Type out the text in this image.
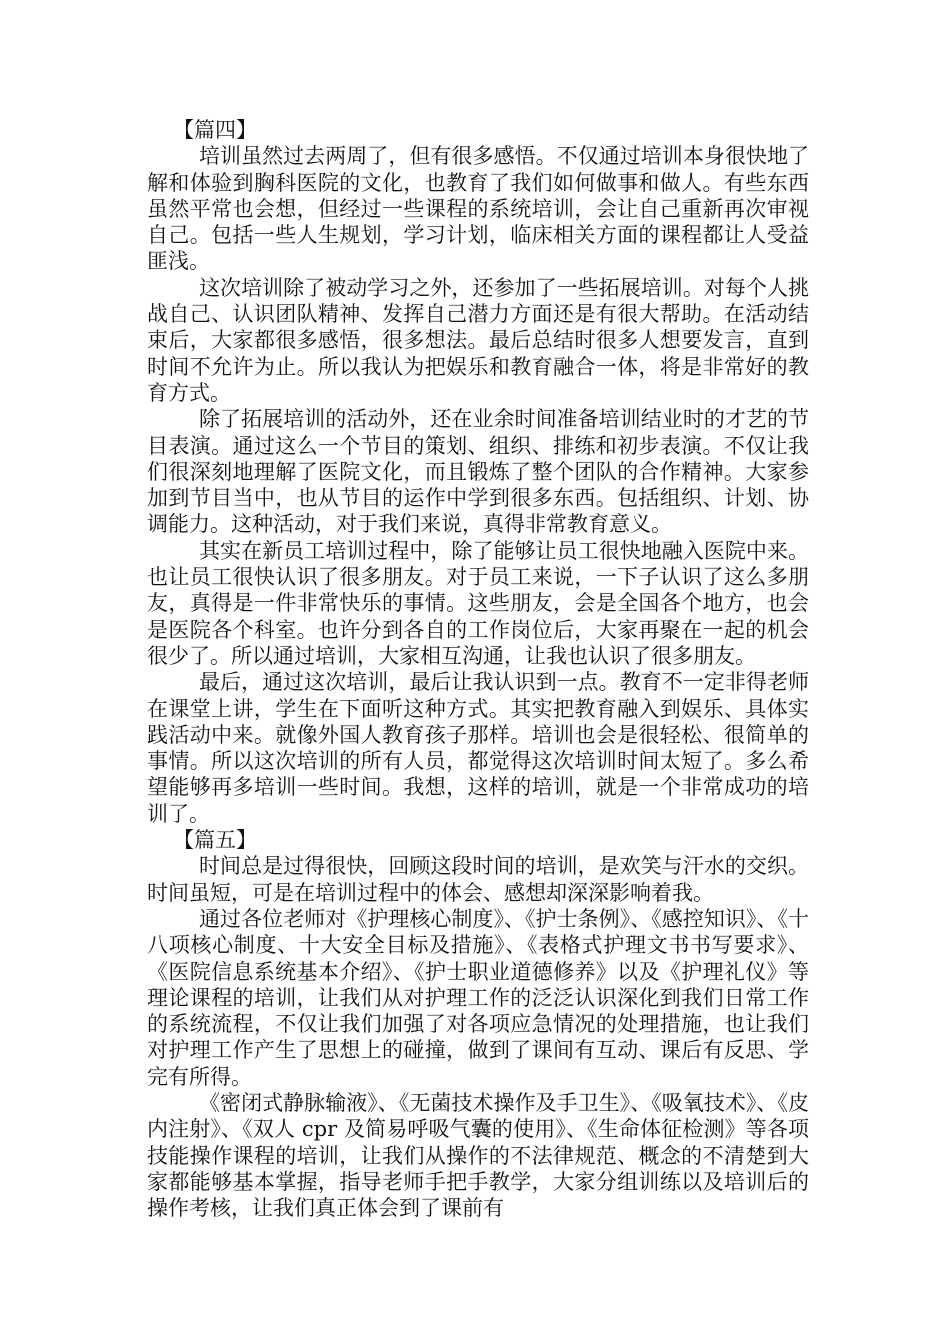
【篇四】

培训虽然过去两周了，但有很多感悟。不仅通过培训本身很快地了解和体验到胸科医院的文化，也教育了我们如何做事和做人。有些东西虽然平常也会想，但经过一些课程的系统培训，会让自己重新再次审视自己。包括一些人生规划，学习计划，临床相关方面的课程都让人受益匪浅。

这次培训除了被动学习之外，还参加了一些拓展培训。对每个人挑战自己、认识团队精神、发挥自己潜力方面还是有很大帮助。在活动结束后，大家都很多感悟，很多想法。最后总结时很多人想要发言，直到时间不允许为止。所以我认为把娱乐和教育融合一体，将是非常好的教育方式。

除了拓展培训的活动外，还在业余时间准备培训结业时的才艺的节目表演。通过这么一个节目的策划、组织、排练和初步表演。不仅让我们很深刻地理解了医院文化，而且锻炼了整个团队的合作精神。大家参加到节目当中，也从节目的运作中学到很多东西。包括组织、计划、协调能力。这种活动，对于我们来说，真得非常教育意义。

其实在新员工培训过程中，除了能够让员工很快地融入医院中来。也让员工很快认识了很多朋友。对于员工来说，一下子认识了这么多朋友，真得是一件非常快乐的事情。这些朋友，会是全国各个地方，也会是医院各个科室。也许分到各自的工作岗位后，大家再聚在一起的机会很少了。所以通过培训，大家相互沟通，让我也认识了很多朋友。

最后，通过这次培训，最后让我认识到一点。教育不一定非得老师在课堂上讲，学生在下面听这种方式。其实把教育融入到娱乐、具体实践活动中来。就像外国人教育孩子那样。培训也会是很轻松、很简单的事情。所以这次培训的所有人员，都觉得这次培训时间太短了。多么希望能够再多培训一些时间。我想，这样的培训，就是一个非常成功的培训了。

【篇五】

时间总是过得很快，回顾这段时间的培训，是欢笑与汗水的交织。时间虽短，可是在培训过程中的体会、感想却深深影响着我。

通过各位老师对《护理核心制度》、《护士条例》、《感控知识》、《十八项核心制度、十大安全目标及措施》、《表格式护理文书书写要求》、《医院信息系统基本介绍》、《护士职业道德修养》以及《护理礼仪》等理论课程的培训，让我们从对护理工作的泛泛认识深化到我们日常工作的系统流程，不仅让我们加强了对各项应急情况的处理措施，也让我们对护理工作产生了思想上的碰撞，做到了课间有互动、课后有反思、学完有所得。

《密闭式静脉输液》、《无菌技术操作及手卫生》、《吸氧技术》、《皮内注射》、《双人 cpr 及简易呼吸气囊的使用》、《生命体征检测》等各项技能操作课程的培训，让我们从操作的不法律规范、概念的不清楚到大家都能够基本掌握，指导老师手把手教学，大家分组训练以及培训后的操作考核，让我们真正体会到了课前有
